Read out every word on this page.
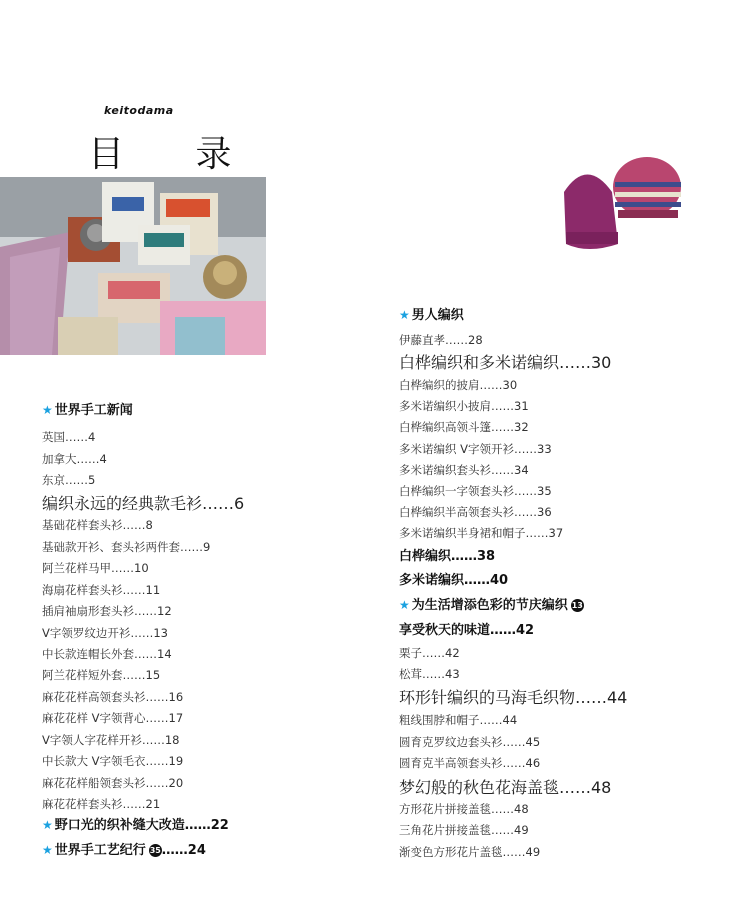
keitodama
目 录
★ 世界手工新闻
英国……4
加拿大……4
东京……5
编织永远的经典款毛衫……6
基础花样套头衫……8
基础款开衫、套头衫两件套……9
阿兰花样马甲……10
海扇花样套头衫……11
插肩袖扇形套头衫……12
V字领罗纹边开衫……13
中长款连帽长外套……14
阿兰花样短外套……15
麻花花样高领套头衫……16
麻花花样 V字领背心……17
V字领人字花样开衫……18
中长款大 V字领毛衣……19
麻花花样船领套头衫……20
麻花花样套头衫……21
★ 野口光的织补缝大改造……22
★ 世界手工艺纪行 35……24
★ 男人编织
伊藤直孝……28
白桦编织和多米诺编织……30
白桦编织的披肩……30
多米诺编织小披肩……31
白桦编织高领斗篷……32
多米诺编织 V字领开衫……33
多米诺编织套头衫……34
白桦编织一字领套头衫……35
白桦编织半高领套头衫……36
多米诺编织半身裙和帽子……37
白桦编织……38
多米诺编织……40
★ 为生活增添色彩的节庆编织 13
享受秋天的味道……42
栗子……42
松茸……43
环形针编织的马海毛织物……44
粗线围脖和帽子……44
圆育克罗纹边套头衫……45
圆育克半高领套头衫……46
梦幻般的秋色花海盖毯……48
方形花片拼接盖毯……48
三角花片拼接盖毯……49
渐变色方形花片盖毯……49
